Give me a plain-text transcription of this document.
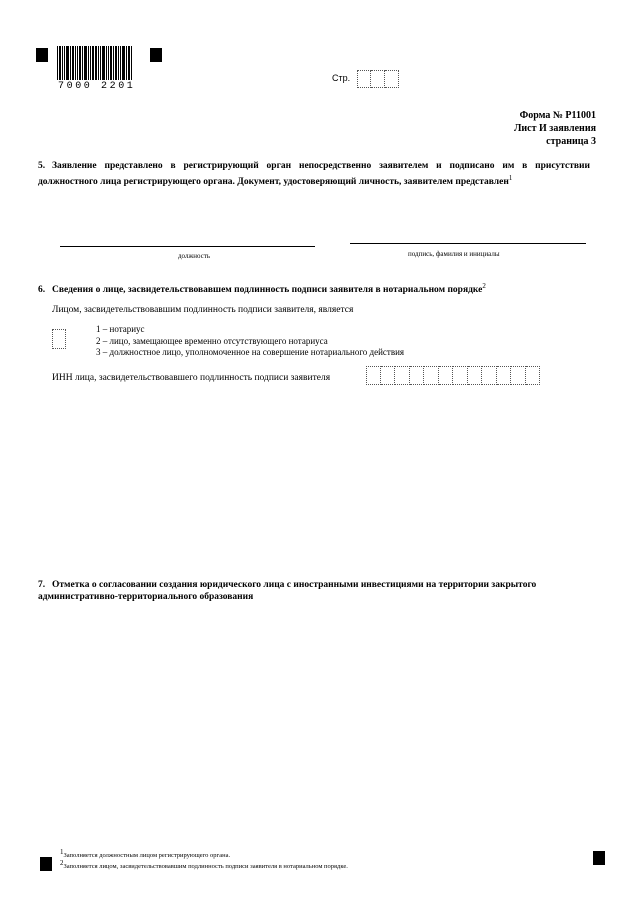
7000 2201
Стр.
Форма № Р11001
Лист И заявления
страница 3
5. Заявление представлено в регистрирующий орган непосредственно заявителем и подписано им в присутствии должностного лица регистрирующего органа. Документ, удостоверяющий личность, заявителем представлен$^1$
должность	подпись, фамилия и инициалы
6. Сведения о лице, засвидетельствовавшем подлинность подписи заявителя в нотариальном порядке$^2$
Лицом, засвидетельствовавшим подлинность подписи заявителя, является
1 – нотариус
2 – лицо, замещающее временно отсутствующего нотариуса
3 – должностное лицо, уполномоченное на совершение нотариального действия
ИНН лица, засвидетельствовавшего подлинность подписи заявителя
7. Отметка о согласовании создания юридического лица с иностранными инвестициями на территории закрытого административно-территориального образования
$^1$Заполняется должностным лицом регистрирующего органа.
$^2$Заполняется лицом, засвидетельствовавшим подлинность подписи заявителя в нотариальном порядке.
